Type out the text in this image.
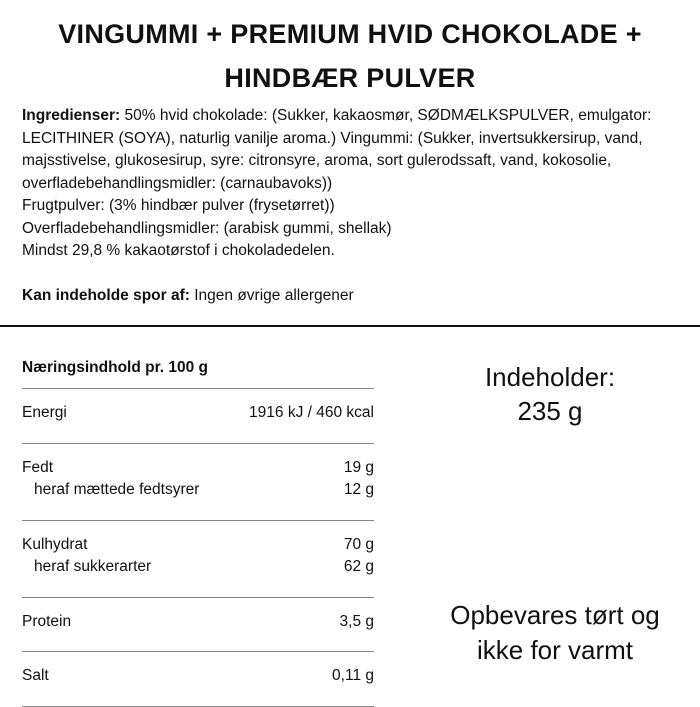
VINGUMMI + PREMIUM HVID CHOKOLADE +
HINDBÆR PULVER

Ingredienser: 50% hvid chokolade: (Sukker, kakaosmør, SØDMÆLKSPULVER, emulgator: LECITHINER (SOYA), naturlig vanilje aroma.) Vingummi: (Sukker, invertsukkersirup, vand, majsstivelse, glukosesirup, syre: citronsyre, aroma, sort gulerodssaft, vand, kokosolie, overfladebehandlingsmidler: (carnaubavoks))

Frugtpulver: (3% hindbær pulver (frysetørret))

Overfladebehandlingsmidler: (arabisk gummi, shellak)

Mindst 29,8 % kakaotørstof i chokoladedelen.

Kan indeholde spor af: Ingen øvrige allergener

Næringsindhold pr. 100 g
Energi	1916 kJ / 460 kcal
Fedt	19 g
heraf mættede fedtsyrer	12 g
Kulhydrat	70 g
heraf sukkerarter	62 g
Protein	3,5 g
Salt	0,11 g
Indeholder:
235 g
Opbevares tørt og
ikke for varmt
